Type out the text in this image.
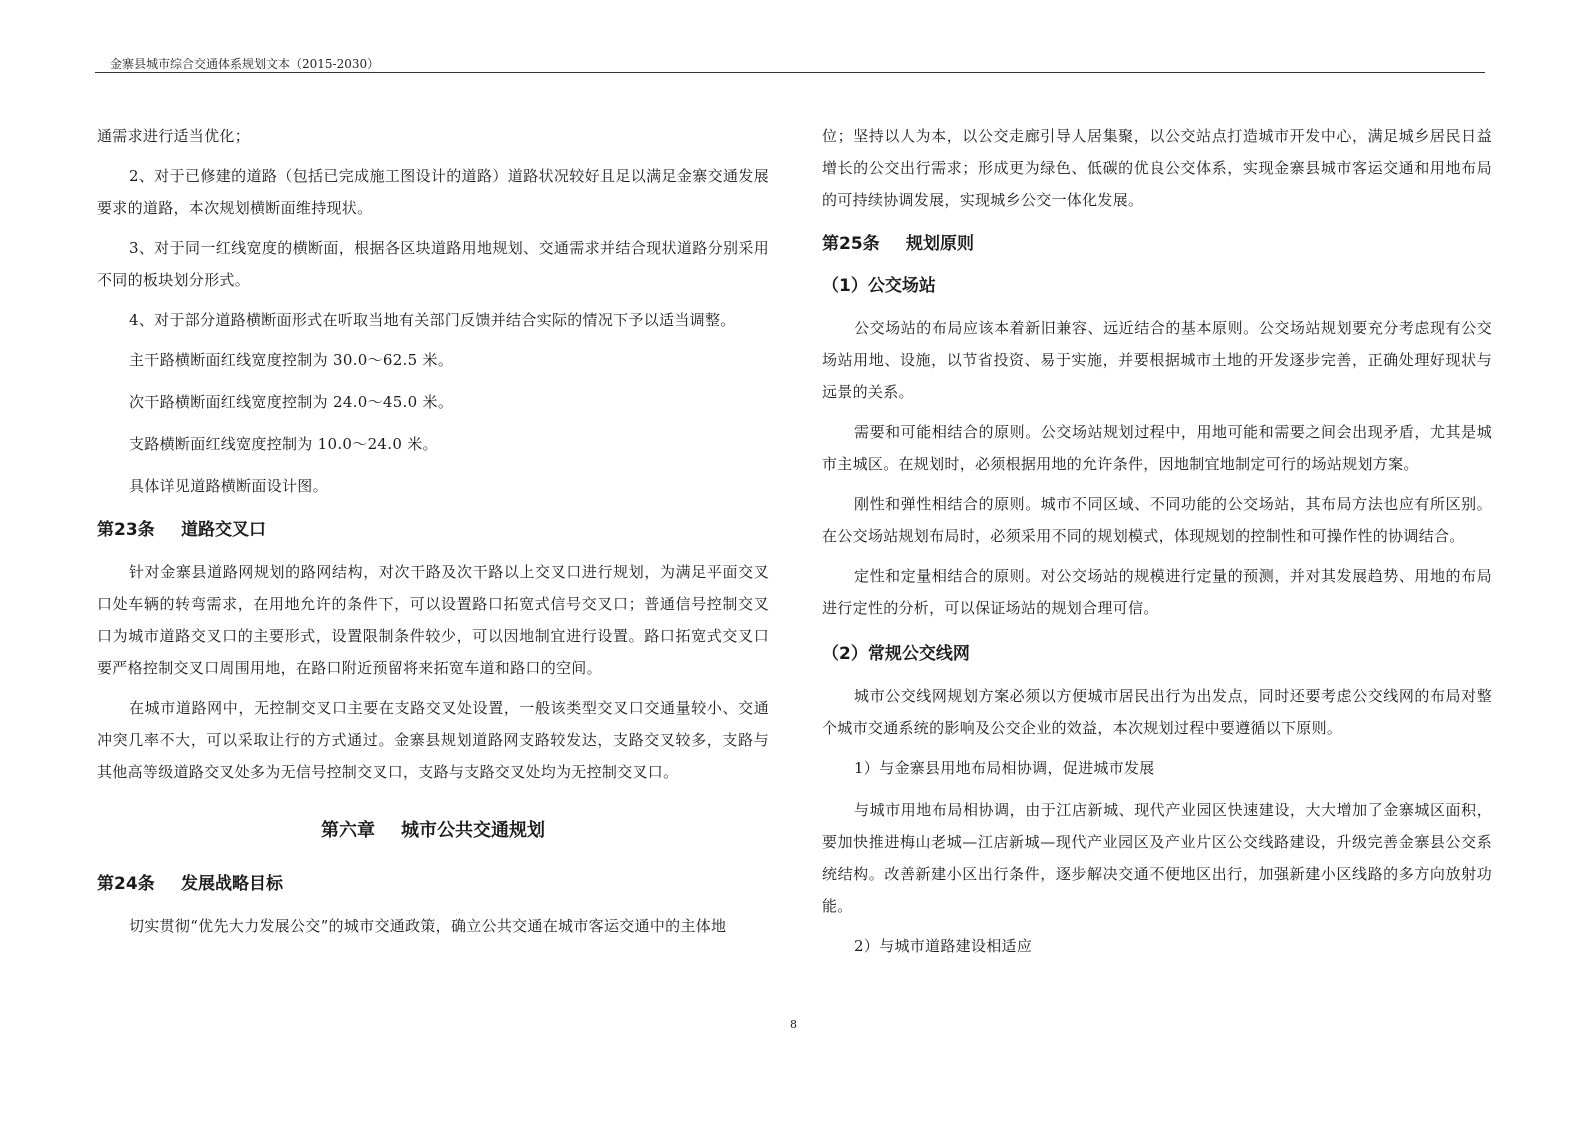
金寨县城市综合交通体系规划文本（2015-2030）

通需求进行适当优化；

2、对于已修建的道路（包括已完成施工图设计的道路）道路状况较好且足以满足金寨交通发展要求的道路，本次规划横断面维持现状。

3、对于同一红线宽度的横断面，根据各区块道路用地规划、交通需求并结合现状道路分别采用不同的板块划分形式。

4、对于部分道路横断面形式在听取当地有关部门反馈并结合实际的情况下予以适当调整。

主干路横断面红线宽度控制为 30.0～62.5 米。

次干路横断面红线宽度控制为 24.0～45.0 米。

支路横断面红线宽度控制为 10.0～24.0 米。

具体详见道路横断面设计图。

第23条 道路交叉口

针对金寨县道路网规划的路网结构，对次干路及次干路以上交叉口进行规划，为满足平面交叉口处车辆的转弯需求，在用地允许的条件下，可以设置路口拓宽式信号交叉口；普通信号控制交叉口为城市道路交叉口的主要形式，设置限制条件较少，可以因地制宜进行设置。路口拓宽式交叉口要严格控制交叉口周围用地，在路口附近预留将来拓宽车道和路口的空间。

在城市道路网中，无控制交叉口主要在支路交叉处设置，一般该类型交叉口交通量较小、交通冲突几率不大，可以采取让行的方式通过。金寨县规划道路网支路较发达，支路交叉较多，支路与其他高等级道路交叉处多为无信号控制交叉口，支路与支路交叉处均为无控制交叉口。

第六章 城市公共交通规划
第24条 发展战略目标

切实贯彻“优先大力发展公交”的城市交通政策，确立公共交通在城市客运交通中的主体地

位；坚持以人为本，以公交走廊引导人居集聚，以公交站点打造城市开发中心，满足城乡居民日益增长的公交出行需求；形成更为绿色、低碳的优良公交体系，实现金寨县城市客运交通和用地布局的可持续协调发展，实现城乡公交一体化发展。

第25条 规划原则
（1）公交场站

公交场站的布局应该本着新旧兼容、远近结合的基本原则。公交场站规划要充分考虑现有公交场站用地、设施，以节省投资、易于实施，并要根据城市土地的开发逐步完善，正确处理好现状与远景的关系。

需要和可能相结合的原则。公交场站规划过程中，用地可能和需要之间会出现矛盾，尤其是城市主城区。在规划时，必须根据用地的允许条件，因地制宜地制定可行的场站规划方案。

刚性和弹性相结合的原则。城市不同区域、不同功能的公交场站，其布局方法也应有所区别。在公交场站规划布局时，必须采用不同的规划模式，体现规划的控制性和可操作性的协调结合。

定性和定量相结合的原则。对公交场站的规模进行定量的预测，并对其发展趋势、用地的布局进行定性的分析，可以保证场站的规划合理可信。

（2）常规公交线网

城市公交线网规划方案必须以方便城市居民出行为出发点，同时还要考虑公交线网的布局对整个城市交通系统的影响及公交企业的效益，本次规划过程中要遵循以下原则。

1）与金寨县用地布局相协调，促进城市发展

与城市用地布局相协调，由于江店新城、现代产业园区快速建设，大大增加了金寨城区面积，要加快推进梅山老城—江店新城—现代产业园区及产业片区公交线路建设，升级完善金寨县公交系统结构。改善新建小区出行条件，逐步解决交通不便地区出行，加强新建小区线路的多方向放射功能。

2）与城市道路建设相适应

8
